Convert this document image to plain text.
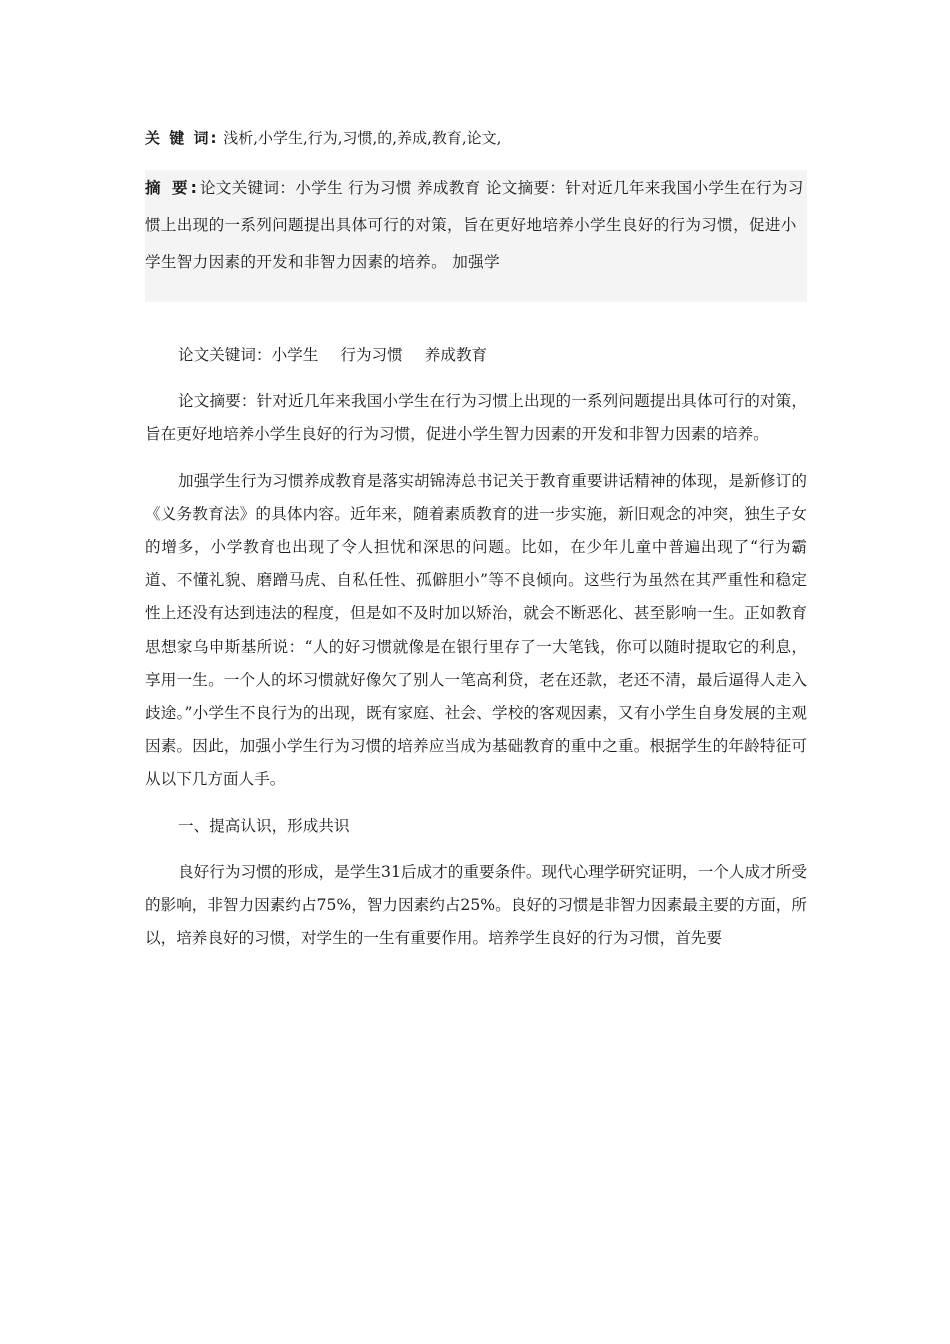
关 键 词: 浅析,小学生,行为,习惯,的,养成,教育,论文,

摘 要:论文关键词：小学生 行为习惯 养成教育 论文摘要：针对近几年来我国小学生在行为习惯上出现的一系列问题提出具体可行的对策，旨在更好地培养小学生良好的行为习惯，促进小学生智力因素的开发和非智力因素的培养。 加强学

论文关键词：小学生 行为习惯 养成教育

论文摘要：针对近几年来我国小学生在行为习惯上出现的一系列问题提出具体可行的对策，旨在更好地培养小学生良好的行为习惯，促进小学生智力因素的开发和非智力因素的培养。

加强学生行为习惯养成教育是落实胡锦涛总书记关于教育重要讲话精神的体现，是新修订的《义务教育法》的具体内容。近年来，随着素质教育的进一步实施，新旧观念的冲突，独生子女的增多，小学教育也出现了令人担忧和深思的问题。比如，在少年儿童中普遍出现了“行为霸道、不懂礼貌、磨蹭马虎、自私任性、孤僻胆小”等不良倾向。这些行为虽然在其严重性和稳定性上还没有达到违法的程度，但是如不及时加以矫治，就会不断恶化、甚至影响一生。正如教育思想家乌申斯基所说：“人的好习惯就像是在银行里存了一大笔钱，你可以随时提取它的利息，享用一生。一个人的坏习惯就好像欠了别人一笔高利贷，老在还款，老还不清，最后逼得人走入歧途。”小学生不良行为的出现，既有家庭、社会、学校的客观因素，又有小学生自身发展的主观因素。因此，加强小学生行为习惯的培养应当成为基础教育的重中之重。根据学生的年龄特征可从以下几方面人手。

一、提高认识，形成共识

良好行为习惯的形成，是学生31后成才的重要条件。现代心理学研究证明，一个人成才所受的影响，非智力因素约占75%，智力因素约占25%。良好的习惯是非智力因素最主要的方面，所以，培养良好的习惯，对学生的一生有重要作用。培养学生良好的行为习惯，首先要
